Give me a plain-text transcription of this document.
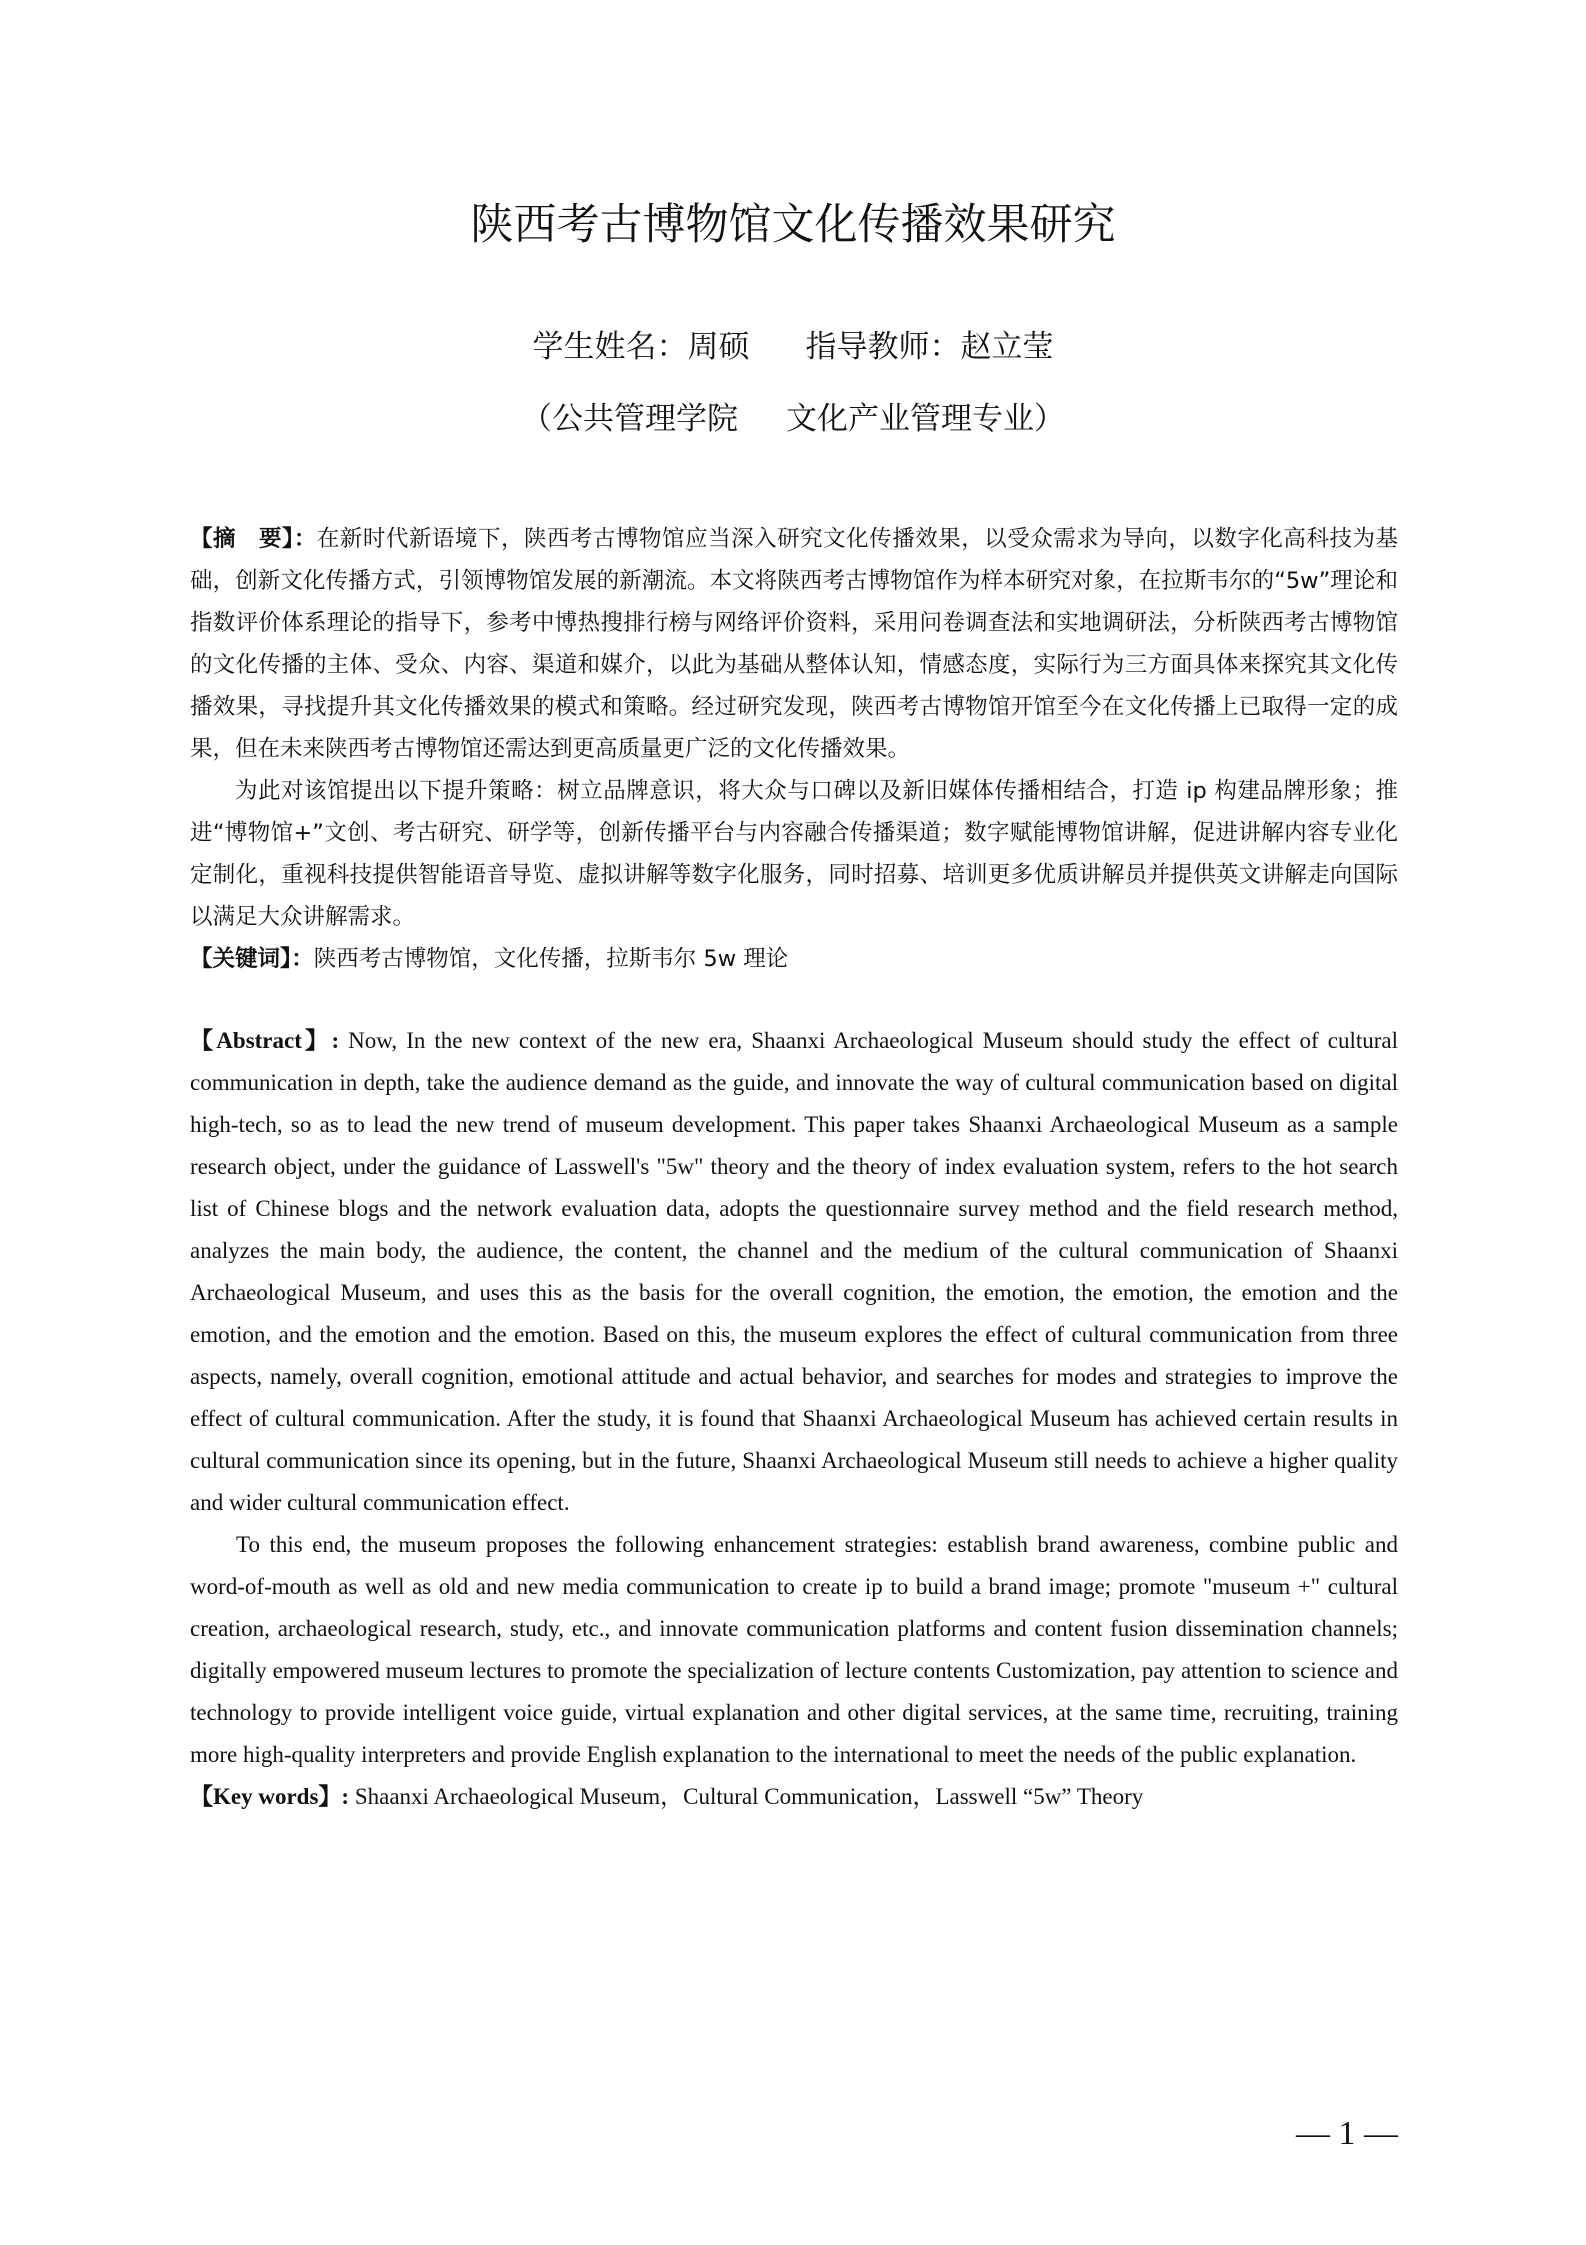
陕西考古博物馆文化传播效果研究
学生姓名：周硕 指导教师：赵立莹
（公共管理学院 文化产业管理专业）

【摘　要】：在新时代新语境下，陕西考古博物馆应当深入研究文化传播效果，以受众需求为导向，以数字化高科技为基础，创新文化传播方式，引领博物馆发展的新潮流。本文将陕西考古博物馆作为样本研究对象，在拉斯韦尔的“5w”理论和指数评价体系理论的指导下，参考中博热搜排行榜与网络评价资料，采用问卷调查法和实地调研法，分析陕西考古博物馆的文化传播的主体、受众、内容、渠道和媒介，以此为基础从整体认知，情感态度，实际行为三方面具体来探究其文化传播效果，寻找提升其文化传播效果的模式和策略。经过研究发现，陕西考古博物馆开馆至今在文化传播上已取得一定的成果，但在未来陕西考古博物馆还需达到更高质量更广泛的文化传播效果。

为此对该馆提出以下提升策略：树立品牌意识，将大众与口碑以及新旧媒体传播相结合，打造 ip 构建品牌形象；推进“博物馆+”文创、考古研究、研学等，创新传播平台与内容融合传播渠道；数字赋能博物馆讲解，促进讲解内容专业化定制化，重视科技提供智能语音导览、虚拟讲解等数字化服务，同时招募、培训更多优质讲解员并提供英文讲解走向国际以满足大众讲解需求。

【关键词】：陕西考古博物馆，文化传播，拉斯韦尔 5w 理论

【Abstract】: Now, In the new context of the new era, Shaanxi Archaeological Museum should study the effect of cultural communication in depth, take the audience demand as the guide, and innovate the way of cultural communication based on digital high-tech, so as to lead the new trend of museum development. This paper takes Shaanxi Archaeological Museum as a sample research object, under the guidance of Lasswell's "5w" theory and the theory of index evaluation system, refers to the hot search list of Chinese blogs and the network evaluation data, adopts the questionnaire survey method and the field research method, analyzes the main body, the audience, the content, the channel and the medium of the cultural communication of Shaanxi Archaeological Museum, and uses this as the basis for the overall cognition, the emotion, the emotion, the emotion and the emotion, and the emotion and the emotion. Based on this, the museum explores the effect of cultural communication from three aspects, namely, overall cognition, emotional attitude and actual behavior, and searches for modes and strategies to improve the effect of cultural communication. After the study, it is found that Shaanxi Archaeological Museum has achieved certain results in cultural communication since its opening, but in the future, Shaanxi Archaeological Museum still needs to achieve a higher quality and wider cultural communication effect.

To this end, the museum proposes the following enhancement strategies: establish brand awareness, combine public and word-of-mouth as well as old and new media communication to create ip to build a brand image; promote "museum +" cultural creation, archaeological research, study, etc., and innovate communication platforms and content fusion dissemination channels; digitally empowered museum lectures to promote the specialization of lecture contents Customization, pay attention to science and technology to provide intelligent voice guide, virtual explanation and other digital services, at the same time, recruiting, training more high-quality interpreters and provide English explanation to the international to meet the needs of the public explanation.

【Key words】: Shaanxi Archaeological Museum，Cultural Communication，Lasswell “5w” Theory

— 1 —
